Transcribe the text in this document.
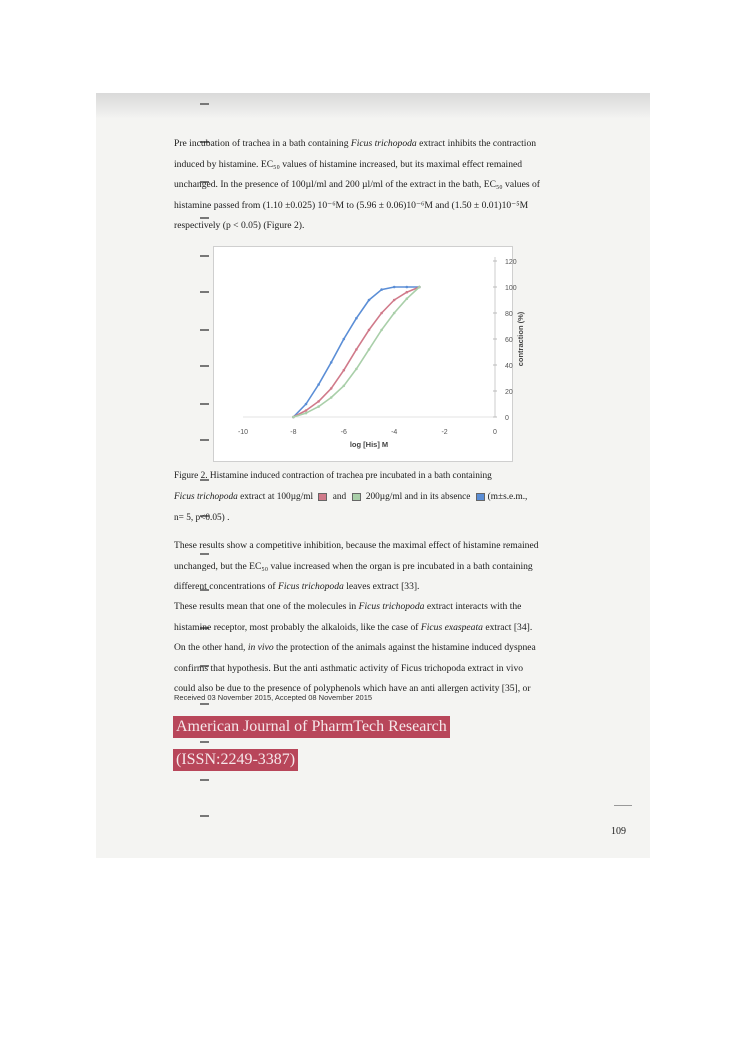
Pre incubation of trachea in a bath containing Ficus trichopoda extract inhibits the contraction
induced by histamine. EC₅₀ values of histamine increased, but its maximal effect remained
unchanged. In the presence of 100µl/ml and 200 µl/ml of the extract in the bath, EC₅₀ values of
histamine passed from (1.10 ±0.025) 10⁻⁶M to (5.96 ± 0.06)10⁻⁶M and (1.50 ± 0.01)10⁻⁵M
respectively (p < 0.05) (Figure 2).

0
20
40
60
80
100
120
-10	-8	-6	-4	-2	0
log [His] M
contraction (%)
Figure 2. Histamine induced contraction of trachea pre incubated in a bath containing
Ficus trichopoda extract at 100µg/ml  and  200µg/ml and in its absence (m±s.e.m.,
n= 5, p<0.05) .

These results show a competitive inhibition, because the maximal effect of histamine remained
unchanged, but the EC₅₀ value increased when the organ is pre incubated in a bath containing
different concentrations of Ficus trichopoda leaves extract [33].

These results mean that one of the molecules in Ficus trichopoda extract interacts with the
histamine receptor, most probably the alkaloids, like the case of Ficus exaspeata extract [34].
On the other hand, in vivo the protection of the animals against the histamine induced dyspnea
confirms that hypothesis. But the anti asthmatic activity of Ficus trichopoda extract in vivo
could also be due to the presence of polyphenols which have an anti allergen activity [35], or

Received 03 November 2015, Accepted 08 November 2015
American Journal of PharmTech Research
(ISSN:2249-3387)
109
